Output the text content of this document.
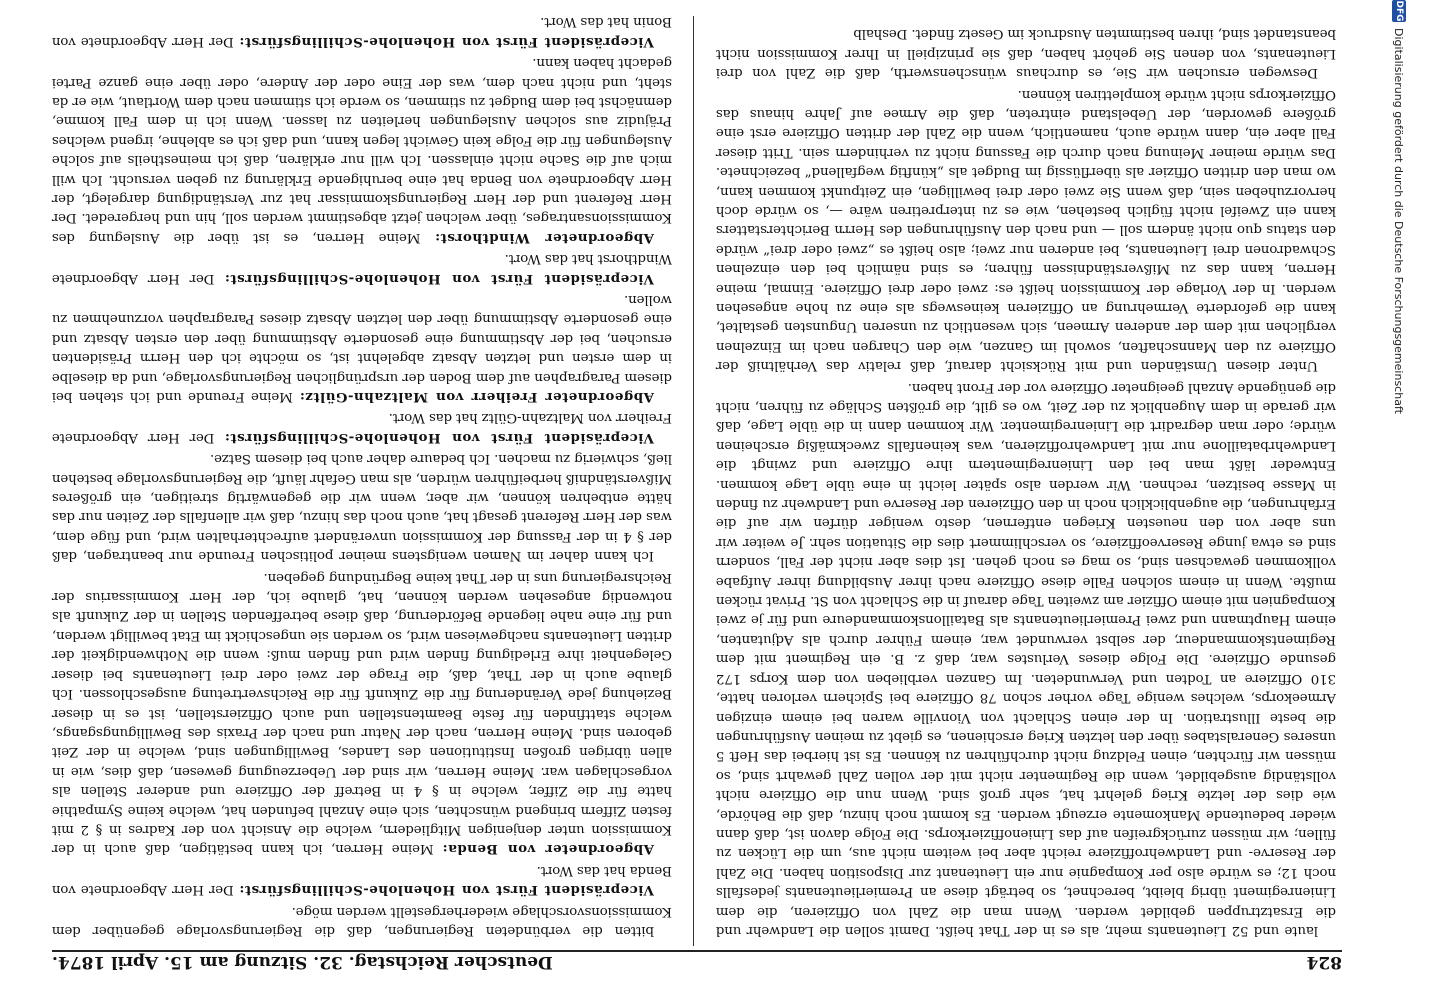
824
Deutscher Reichstag. 32. Sitzung am 15. April 1874.

laute und 52 Lieutenants mehr, als es in der That heißt. Damit sollen die Landwehr und die Ersatztruppen gebildet werden. Wenn man die Zahl von Offizieren, die dem Linienregiment übrig bleibt, berechnet, so beträgt diese an Premierlieutenants jedesfalls noch 12; es würde also per Kompagnie nur ein Lieutenant zur Disposition haben. Die Zahl der Reserve- und Landwehroffiziere reicht aber bei weitem nicht aus, um die Lücken zu füllen; wir müssen zurückgreifen auf das Linienoffizierkorps. Die Folge davon ist, daß dann wieder bedeutende Mankomente erzeugt werden. Es kommt noch hinzu, daß die Behörde, wie dies der letzte Krieg gelehrt hat, sehr groß sind. Wenn nun die Offiziere nicht vollständig ausgebildet, wenn die Regimenter nicht mit der vollen Zahl gewahrt sind, so müssen wir fürchten, einen Feldzug nicht durchführen zu können. Es ist hierbei das Heft 5 unseres Generalstabes über den letzten Krieg erschienen, es giebt zu meinen Ausführungen die beste Illustration. In der einen Schlacht von Vionville waren bei einem einzigen Armeekorps, welches wenige Tage vorher schon 78 Offiziere bei Spichern verloren hatte, 310 Offiziere an Todten und Verwundeten. Im Ganzen verblieben von dem Korps 172 gesunde Offiziere. Die Folge dieses Verlustes war, daß z. B. ein Regiment mit dem Regimentskommandeur, der selbst verwundet war, einem Führer durch als Adjutanten, einem Hauptmann und zwei Premierlieutenants als Bataillonskommandeure und für je zwei Kompagnien mit einem Offizier am zweiten Tage darauf in die Schlacht von St. Privat rücken mußte. Wenn in einem solchen Falle diese Offiziere nach ihrer Ausbildung ihrer Aufgabe vollkommen gewachsen sind, so mag es noch gehen. Ist dies aber nicht der Fall, sondern sind es etwa junge Reserveoffiziere, so verschlimmert dies die Situation sehr. Je weiter wir uns aber von den neuesten Kriegen entfernen, desto weniger dürfen wir auf die Erfahrungen, die augenblicklich noch in den Offizieren der Reserve und Landwehr zu finden in Masse besitzen, rechnen. Wir werden also später leicht in eine üble Lage kommen. Entweder läßt man bei den Linienregimentern ihre Offiziere und zwingt die Landwehrbataillone nur mit Landwehroffizieren, was keinenfalls zweckmäßig erscheinen würde; oder man degradirt die Linienregimenter. Wir kommen dann in die üble Lage, daß wir gerade in dem Augenblick zu der Zeit, wo es gilt, die größten Schläge zu führen, nicht die genügende Anzahl geeigneter Offiziere vor der Front haben.

Unter diesen Umständen und mit Rücksicht darauf, daß relativ das Verhältniß der Offiziere zu den Mannschaften, sowohl im Ganzen, wie den Chargen nach im Einzelnen verglichen mit dem der anderen Armeen, sich wesentlich zu unseren Ungunsten gestaltet, kann die geforderte Vermehrung an Offizieren keineswegs als eine zu hohe angesehen werden. In der Vorlage der Kommission heißt es: zwei oder drei Offiziere. Einmal, meine Herren, kann das zu Mißverständnissen führen; es sind nämlich bei den einzelnen Schwadronen drei Lieutenants, bei anderen nur zwei; also heißt es „zwei oder drei“ würde den status quo nicht ändern soll — und nach den Ausführungen des Herrn Berichterstatters kann ein Zweifel nicht füglich bestehen, wie es zu interpretiren wäre —, so würde doch hervorzuheben sein, daß wenn Sie zwei oder drei bewilligen, ein Zeitpunkt kommen kann, wo man den dritten Offizier als überflüssig im Budget als „künftig wegfallend“ bezeichnete. Das würde meiner Meinung nach durch die Fassung nicht zu verhindern sein. Tritt dieser Fall aber ein, dann würde auch, namentlich, wenn die Zahl der dritten Offiziere erst eine größere geworden, der Uebelstand eintreten, daß die Armee auf Jahre hinaus das Offizierkorps nicht würde komplettiren können.

Deswegen ersuchen wir Sie, es durchaus wünschenswerth, daß die Zahl von drei Lieutenants, von denen Sie gehört haben, daß sie prinzipiell in Ihrer Kommission nicht beanstandet sind, ihren bestimmten Ausdruck im Gesetz findet. Deshalb

bitten die verbündeten Regierungen, daß die Regierungsvorlage gegenüber dem Kommissionsvorschlage wiederhergestellt werden möge.

Vicepräsident Fürst von Hohenlohe-Schillingsfürst: Der Herr Abgeordnete von Benda hat das Wort.

Abgeordneter von Benda: Meine Herren, ich kann bestätigen, daß auch in der Kommission unter denjenigen Mitgliedern, welche die Ansicht von der Kadres in § 2 mit festen Ziffern bringend wünschten, sich eine Anzahl befunden hat, welche keine Sympathie hatte für die Ziffer, welche in § 4 in Betreff der Offiziere und anderer Stellen als vorgeschlagen war. Meine Herren, wir sind der Ueberzeugung gewesen, daß dies, wie in allen übrigen großen Institutionen des Landes, Bewilligungen sind, welche in der Zeit geboren sind. Meine Herren, nach der Natur und nach der Praxis des Bewilligungsgangs, welche stattfinden für feste Beamtenstellen und auch Offizierstellen, ist es in dieser Beziehung jede Veränderung für die Zukunft für die Reichsvertretung ausgeschlossen. Ich glaube auch in der That, daß, die Frage der zwei oder drei Lieutenants bei dieser Gelegenheit ihre Erledigung finden wird und finden muß: wenn die Nothwendigkeit der dritten Lieutenants nachgewiesen wird, so werden sie ungeschickt im Etat bewilligt werden, und für eine nahe liegende Beförderung, daß diese betreffenden Stellen in der Zukunft als notwendig angesehen werden können, hat, glaube ich, der Herr Kommissarius der Reichsregierung uns in der That keine Begründung gegeben.

Ich kann daher im Namen wenigstens meiner politischen Freunde nur beantragen, daß der § 4 in der Fassung der Kommission unverändert aufrechterhalten wird, und füge dem, was der Herr Referent gesagt hat, auch noch das hinzu, daß wir allenfalls der Zeiten nur das hätte entbehren können, wir aber, wenn wir die gegenwärtig streitigen, ein größeres Mißverständniß herbeiführen würden, als man Gefahr läuft, die Regierungsvorlage bestehen ließ, schwierig zu machen. Ich bedaure daher auch bei diesem Satze.

Vicepräsident Fürst von Hohenlohe-Schillingsfürst: Der Herr Abgeordnete Freiherr von Maltzahn-Gültz hat das Wort.

Abgeordneter Freiherr von Maltzahn-Gültz: Meine Freunde und ich stehen bei diesem Paragraphen auf dem Boden der ursprünglichen Regierungsvorlage, und da dieselbe in dem ersten und letzten Absatz abgelehnt ist, so möchte ich den Herrn Präsidenten ersuchen, bei der Abstimmung eine gesonderte Abstimmung über den ersten Absatz und eine gesonderte Abstimmung über den letzten Absatz dieses Paragraphen vorzunehmen zu wollen.

Vicepräsident Fürst von Hohenlohe-Schillingsfürst: Der Herr Abgeordnete Windthorst hat das Wort.

Abgeordneter Windthorst: Meine Herren, es ist über die Auslegung des Kommissionsantrages, über welchen jetzt abgestimmt werden soll, hin und hergeredet. Der Herr Referent und der Herr Regierungskommissar hat zur Verständigung dargelegt, der Herr Abgeordnete von Benda hat eine beruhigende Erklärung zu geben versucht. Ich will mich auf die Sache nicht einlassen. Ich will nur erklären, daß ich meinestheils auf solche Auslegungen für die Folge kein Gewicht legen kann, und daß ich es ablehne, irgend welches Präjudiz aus solchen Auslegungen herleiten zu lassen. Wenn ich in dem Fall komme, demnächst bei dem Budget zu stimmen, so werde ich stimmen nach dem Wortlaut, wie er da steht, und nicht nach dem, was der Eine oder der Andere, oder über eine ganze Partei gedacht haben kann.

Vicepräsident Fürst von Hohenlohe-Schillingsfürst: Der Herr Abgeordnete von Bonin hat das Wort.

DFG
Digitalisierung gefördert durch die Deutsche Forschungsgemeinschaft
